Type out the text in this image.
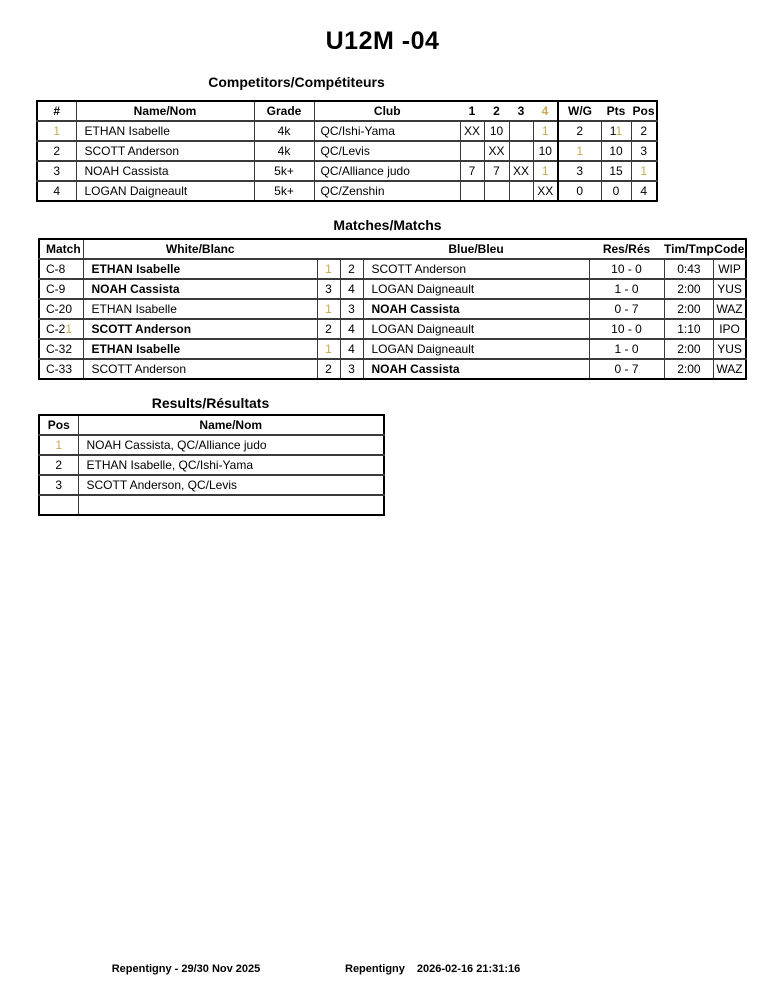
U12M -04
Competitors/Compétiteurs
#	Name/Nom	Grade	Club	1	2	3	4	W/G	Pts	Pos
1	ETHAN Isabelle	4k	QC/Ishi-Yama	XX	10		1	2	11	2
2	SCOTT Anderson	4k	QC/Levis		XX		10	1	10	3
3	NOAH Cassista	5k+	QC/Alliance judo	7	7	XX	1	3	15	1
4	LOGAN Daigneault	5k+	QC/Zenshin				XX	0	0	4
Matches/Matchs
Match	White/Blanc			Blue/Bleu	Res/Rés	Tim/Tmp	Code
C-8	ETHAN Isabelle	1	2	SCOTT Anderson	10 - 0	0:43	WIP
C-9	NOAH Cassista	3	4	LOGAN Daigneault	1 - 0	2:00	YUS
C-20	ETHAN Isabelle	1	3	NOAH Cassista	0 - 7	2:00	WAZ
C-21	SCOTT Anderson	2	4	LOGAN Daigneault	10 - 0	1:10	IPO
C-32	ETHAN Isabelle	1	4	LOGAN Daigneault	1 - 0	2:00	YUS
C-33	SCOTT Anderson	2	3	NOAH Cassista	0 - 7	2:00	WAZ
Results/Résultats
Pos	Name/Nom
1	NOAH Cassista, QC/Alliance judo
2	ETHAN Isabelle, QC/Ishi-Yama
3	SCOTT Anderson, QC/Levis

Repentigny - 29/30 Nov 2025	Repentigny 2026-02-16 21:31:16
